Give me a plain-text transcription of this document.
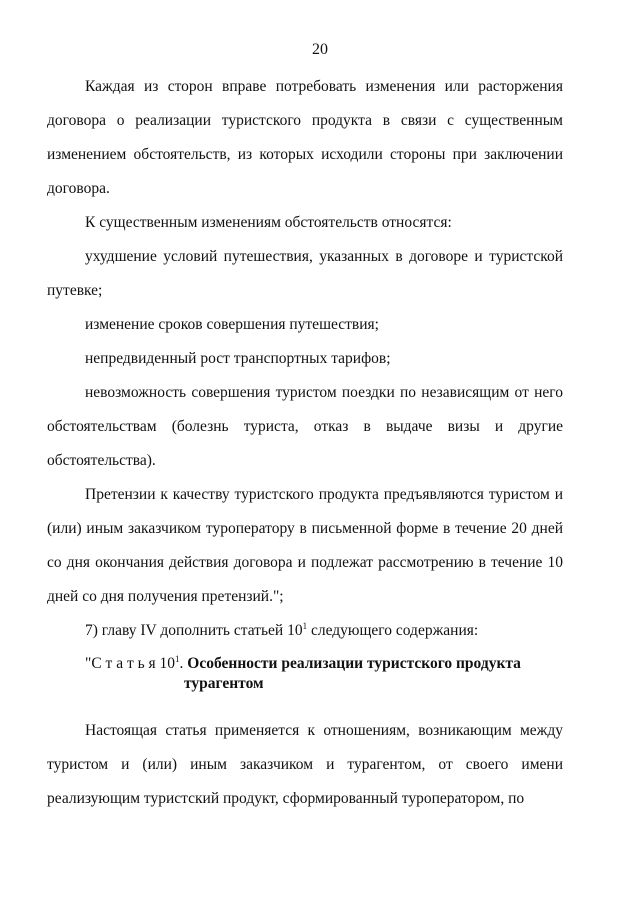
20

Каждая из сторон вправе потребовать изменения или расторжения договора о реализации туристского продукта в связи с существенным изменением обстоятельств, из которых исходили стороны при заключении договора.

К существенным изменениям обстоятельств относятся:

ухудшение условий путешествия, указанных в договоре и туристской путевке;

изменение сроков совершения путешествия;

непредвиденный рост транспортных тарифов;

невозможность совершения туристом поездки по независящим от него обстоятельствам (болезнь туриста, отказ в выдаче визы и другие обстоятельства).

Претензии к качеству туристского продукта предъявляются туристом и (или) иным заказчиком туроператору в письменной форме в течение 20 дней со дня окончания действия договора и подлежат рассмотрению в течение 10 дней со дня получения претензий.";

7) главу IV дополнить статьей $10^1$ следующего содержания:

"С т а т ь я $10^1$. Особенности реализации туристского продукта
турагентом

Настоящая статья применяется к отношениям, возникающим между туристом и (или) иным заказчиком и турагентом, от своего имени реализующим туристский продукт, сформированный туроператором, по
